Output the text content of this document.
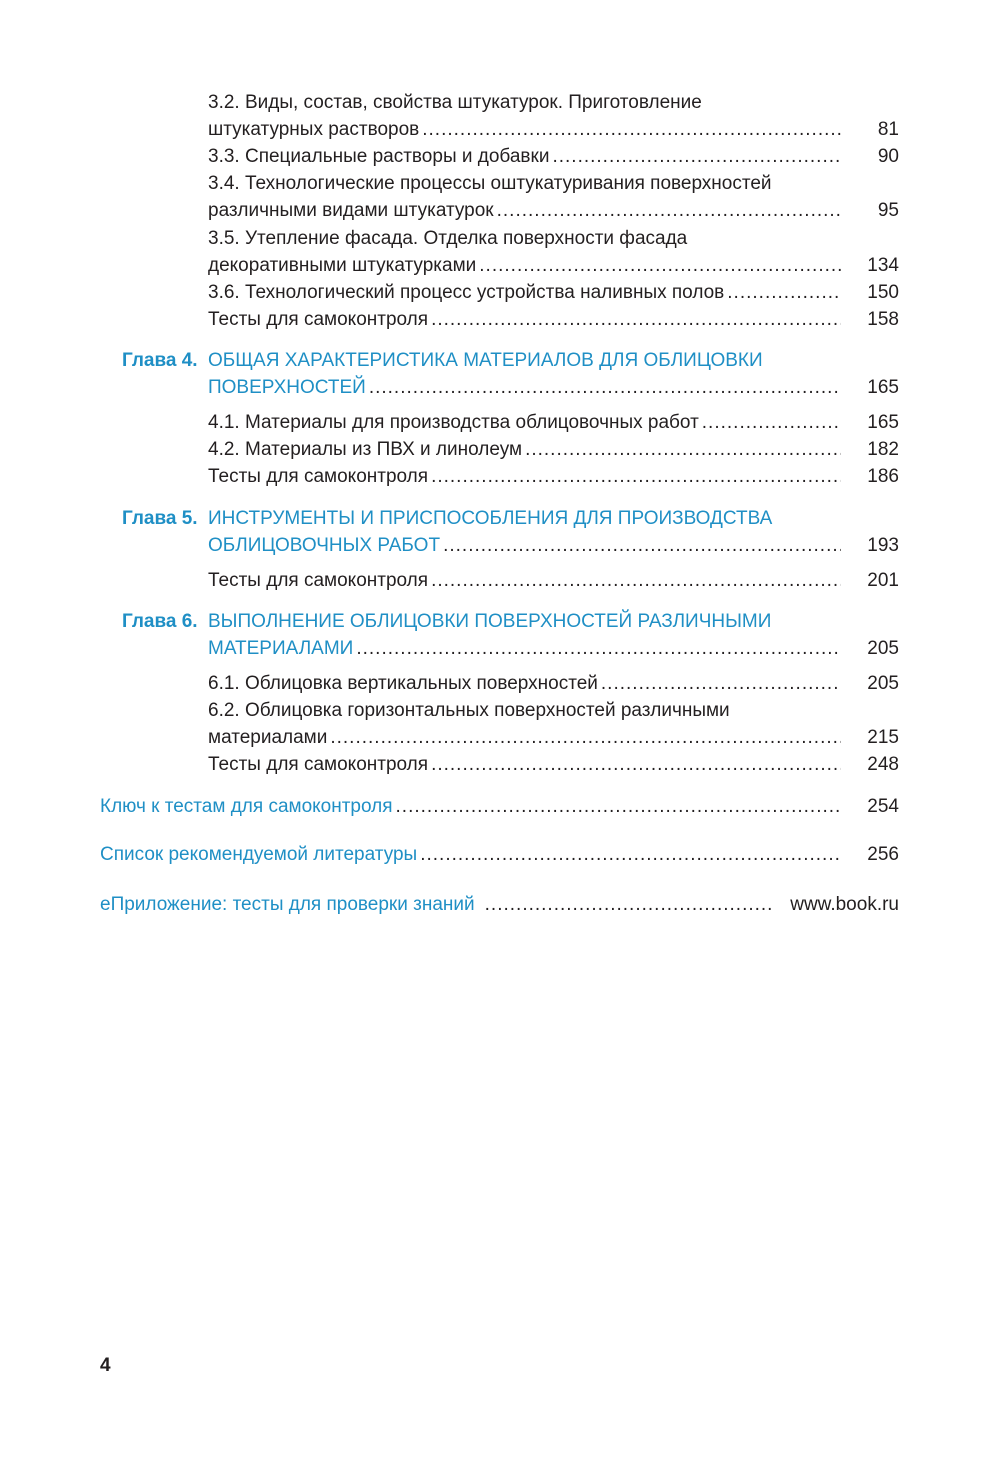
3.2. Виды, состав, свойства штукатурок. Приготовление
штукатурных растворов .....	81
3.3. Специальные растворы и добавки .....	90
3.4. Технологические процессы оштукатуривания поверхностей
различными видами штукатурок .....	95
3.5. Утепление фасада. Отделка поверхности фасада
декоративными штукатурками .....	134
3.6. Технологический процесс устройства наливных полов .....	150
Тесты для самоконтроля .....	158
Глава 4. ОБЩАЯ ХАРАКТЕРИСТИКА МАТЕРИАЛОВ ДЛЯ ОБЛИЦОВКИ
ПОВЕРХНОСТЕЙ .....	165
4.1. Материалы для производства облицовочных работ .....	165
4.2. Материалы из ПВХ и линолеум .....	182
Тесты для самоконтроля .....	186
Глава 5. ИНСТРУМЕНТЫ И ПРИСПОСОБЛЕНИЯ ДЛЯ ПРОИЗВОДСТВА
ОБЛИЦОВОЧНЫХ РАБОТ .....	193
Тесты для самоконтроля .....	201
Глава 6. ВЫПОЛНЕНИЕ ОБЛИЦОВКИ ПОВЕРХНОСТЕЙ РАЗЛИЧНЫМИ
МАТЕРИАЛАМИ .....	205
6.1. Облицовка вертикальных поверхностей .....	205
6.2. Облицовка горизонтальных поверхностей различными
материалами .....	215
Тесты для самоконтроля .....	248
Ключ к тестам для самоконтроля .....	254
Список рекомендуемой литературы .....	256
еПриложение: тесты для проверки знаний .....	www.book.ru
4
